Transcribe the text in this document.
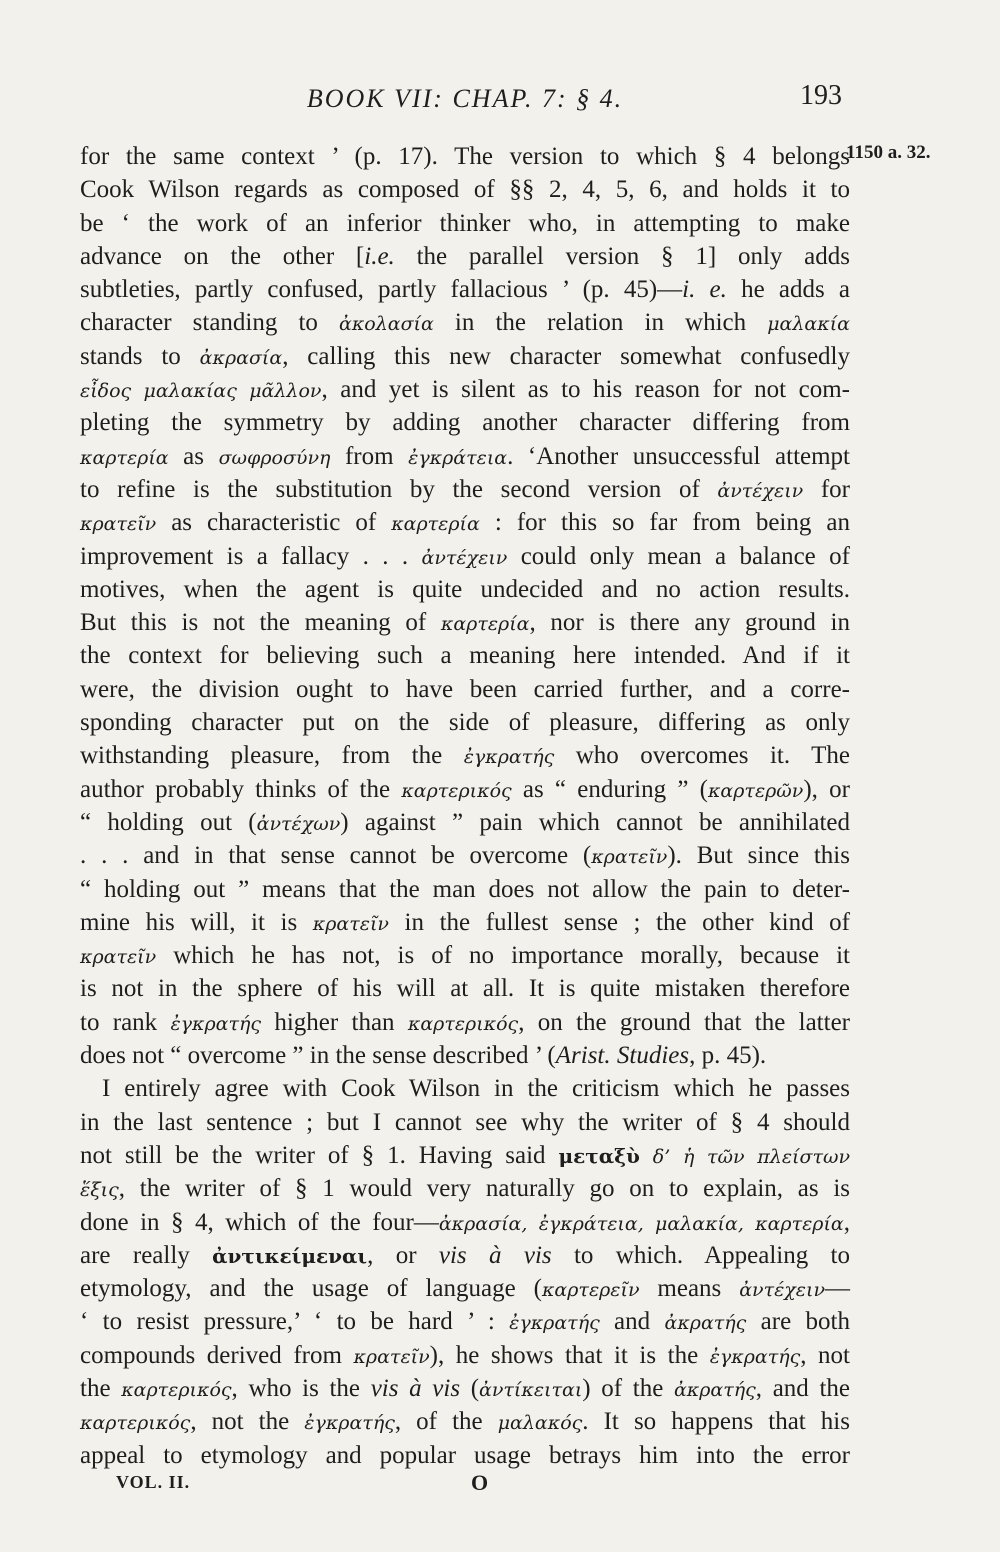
BOOK VII: CHAP. 7: § 4.	193
1150 a. 32.
for the same context ’ (p. 17). The version to which § 4 belongs
Cook Wilson regards as composed of §§ 2, 4, 5, 6, and holds it to
be ‘ the work of an inferior thinker who, in attempting to make
advance on the other [i.e. the parallel version § 1] only adds
subtleties, partly confused, partly fallacious ’ (p. 45)—i. e. he adds a
character standing to ἀκολασία in the relation in which μαλακία
stands to ἀκρασία, calling this new character somewhat confusedly
εἶδος μαλακίας μᾶλλον, and yet is silent as to his reason for not com-
pleting the symmetry by adding another character differing from
καρτερία as σωφροσύνη from ἐγκράτεια. ‘Another unsuccessful attempt
to refine is the substitution by the second version of ἀντέχειν for
κρατεῖν as characteristic of καρτερία : for this so far from being an
improvement is a fallacy . . . ἀντέχειν could only mean a balance of
motives, when the agent is quite undecided and no action results.
But this is not the meaning of καρτερία, nor is there any ground in
the context for believing such a meaning here intended. And if it
were, the division ought to have been carried further, and a corre-
sponding character put on the side of pleasure, differing as only
withstanding pleasure, from the ἐγκρατής who overcomes it. The
author probably thinks of the καρτερικός as “ enduring ” (καρτερῶν), or
“ holding out (ἀντέχων) against ” pain which cannot be annihilated
. . . and in that sense cannot be overcome (κρατεῖν). But since this
“ holding out ” means that the man does not allow the pain to deter-
mine his will, it is κρατεῖν in the fullest sense ; the other kind of
κρατεῖν which he has not, is of no importance morally, because it
is not in the sphere of his will at all. It is quite mistaken therefore
to rank ἐγκρατής higher than καρτερικός, on the ground that the latter
does not “ overcome ” in the sense described ’ (Arist. Studies, p. 45).
I entirely agree with Cook Wilson in the criticism which he passes
in the last sentence ; but I cannot see why the writer of § 4 should
not still be the writer of § 1. Having said μεταξὺ δ’ ἡ τῶν πλείστων
ἕξις, the writer of § 1 would very naturally go on to explain, as is
done in § 4, which of the four—ἀκρασία, ἐγκράτεια, μαλακία, καρτερία,
are really ἀντικείμεναι, or vis à vis to which. Appealing to
etymology, and the usage of language (καρτερεῖν means ἀντέχειν—
‘ to resist pressure,’ ‘ to be hard ’ : ἐγκρατής and ἀκρατής are both
compounds derived from κρατεῖν), he shows that it is the ἐγκρατής, not
the καρτερικός, who is the vis à vis (ἀντίκειται) of the ἀκρατής, and the
καρτερικός, not the ἐγκρατής, of the μαλακός. It so happens that his
appeal to etymology and popular usage betrays him into the error
VOL. II.	O
